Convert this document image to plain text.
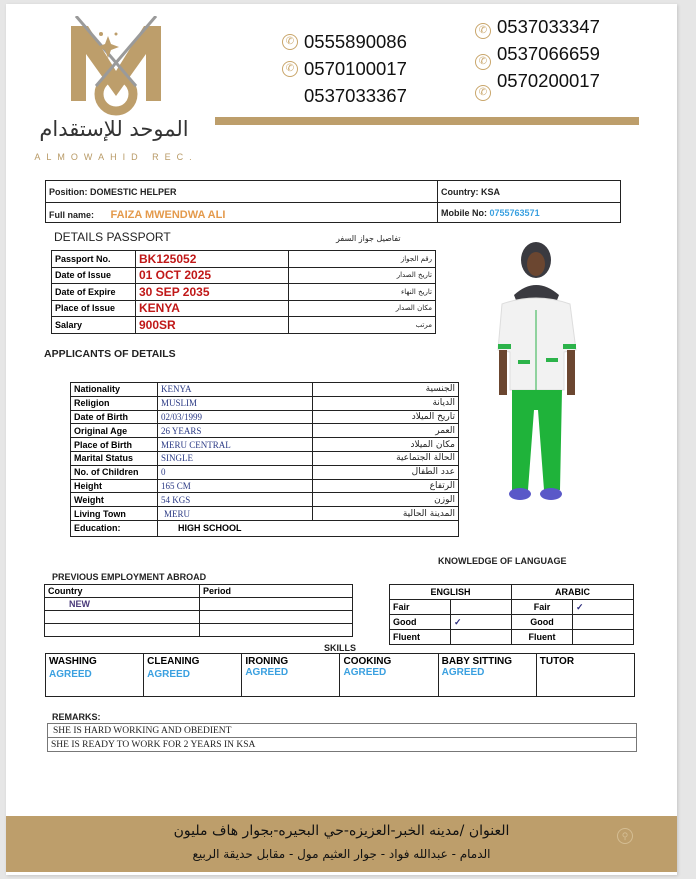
الموحد للإستقدام
ALMOWAHID REC.
✆ 0555890086
✆ 0570100017
0537033367
✆ 0537033347
✆ 0537066659
✆
0570200017
Position: DOMESTIC HELPER	Country: KSA
Full name: FAIZA MWENDWA ALI	Mobile No: 0755763571
DETAILS PASSPORT	تفاصيل جواز السفر
Passport No.	BK125052	رقم الجواز
Date of Issue	01 OCT 2025	تاريخ الصدار
Date of Expire	30 SEP 2035	تاريخ النهاء
Place of Issue	KENYA	مكان الصدار
Salary	900SR	مرتب
APPLICANTS OF DETAILS
Nationality	KENYA	الجنسية
Religion	MUSLIM	الديانة
Date of Birth	02/03/1999	تاريخ الميلاد
Original Age	26 YEARS	العمر
Place of Birth	MERU CENTRAL	مكان الميلاد
Marital Status	SINGLE	الحالة الجتماعية
No. of Children	0	عدد الطفال
Height	165 CM	الرتفاع
Weight	54 KGS	الوزن
Living Town	MERU	المدينة الحالية
Education:	HIGH SCHOOL	
PREVIOUS EMPLOYMENT ABROAD
Country	Period
NEW	

KNOWLEDGE OF LANGUAGE
ENGLISH		ARABIC	
Fair		Fair	✓
Good	✓	Good	
Fluent		Fluent	
SKILLS
WASHING
AGREED
	CLEANING
AGREED
	IRONING
AGREED
	COOKING
AGREED
	BABY SITTING
AGREED
	TUTOR
REMARKS:
SHE IS HARD WORKING AND OBEDIENT
SHE IS READY TO WORK FOR 2 YEARS IN KSA
العنوان /مدينه الخبر-العزيزه-حي البحيره-بجوار هاف مليون
الدمام - عبدالله فواد - جوار العثيم مول - مقابل حديقة الربيع
⚲
